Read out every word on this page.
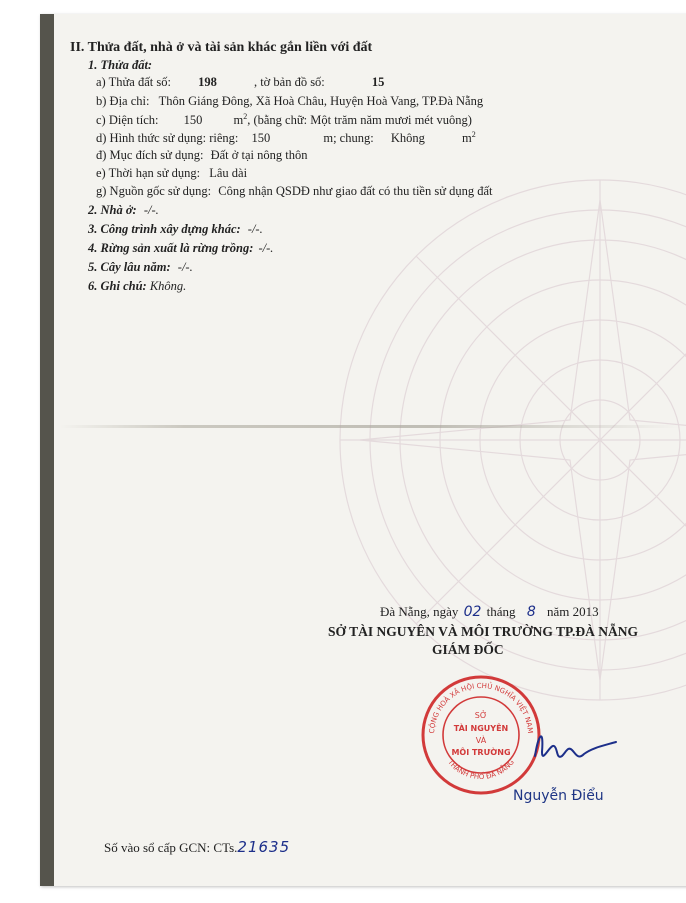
II. Thửa đất, nhà ở và tài sản khác gắn liền với đất
1. Thửa đất:
a) Thửa đất số: 198	, tờ bản đồ số:	15
b) Địa chỉ: Thôn Giáng Đông, Xã Hoà Châu, Huyện Hoà Vang, TP.Đà Nẵng
c) Diện tích: 150 $m^2$, (bằng chữ: Một trăm năm mươi mét vuông)
d) Hình thức sử dụng: riêng: 150	m; chung: Không	$m^2$
đ) Mục đích sử dụng: Đất ở tại nông thôn
e) Thời hạn sử dụng: Lâu dài
g) Nguồn gốc sử dụng: Công nhận QSDĐ như giao đất có thu tiền sử dụng đất
2. Nhà ở: -/-.
3. Công trình xây dựng khác: -/-.
4. Rừng sản xuất là rừng trồng: -/-.
5. Cây lâu năm: -/-.
6. Ghi chú: Không.
Đà Nẵng, ngày 02 tháng 8 năm 2013
SỞ TÀI NGUYÊN VÀ MÔI TRƯỜNG TP.ĐÀ NẴNG
GIÁM ĐỐC
CỘNG HOÀ XÃ HỘI CHỦ NGHĨA VIỆT NAM
THÀNH PHỐ ĐÀ NẴNG
SỞ
TÀI NGUYÊN
VÀ
MÔI TRƯỜNG
Nguyễn Điểu
Số vào sổ cấp GCN: CTs.21635
